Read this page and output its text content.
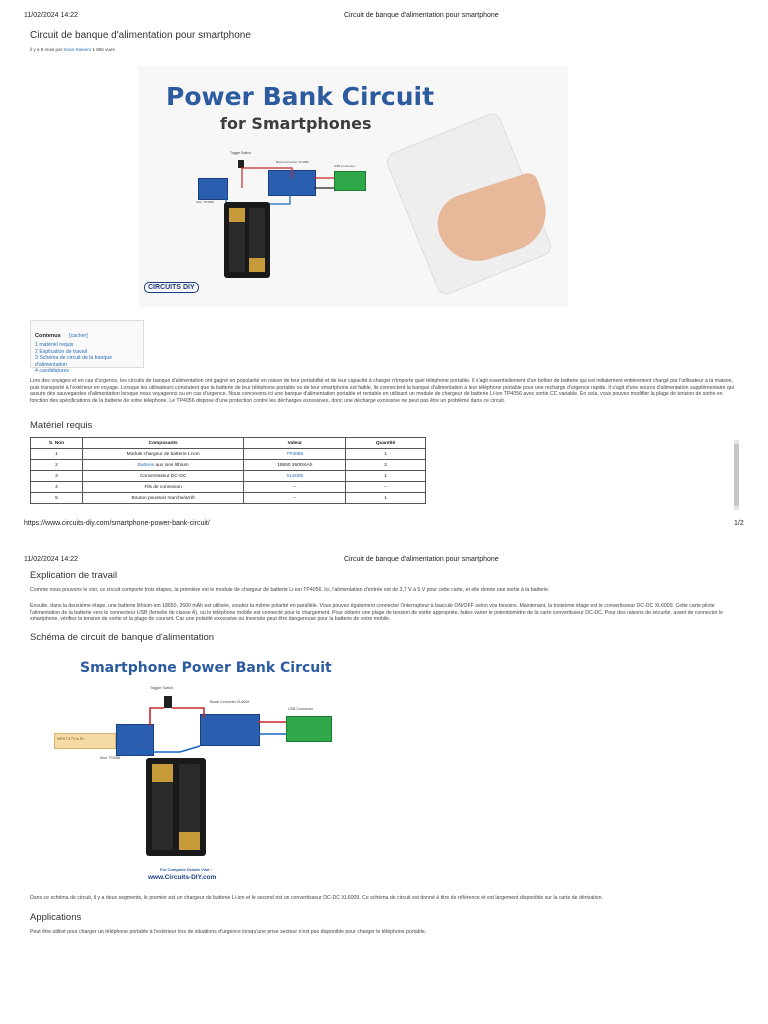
11/02/2024 14:22	Circuit de banque d'alimentation pour smartphone
Circuit de banque d'alimentation pour smartphone
il y a 8 mois par Kiran Saleem 1 956 vues
Power Bank Circuit
for Smartphones
Toggle Switch
Boost Converter XL6009
USB Connector
Mod. TP4056
CIRCUITS DIY
Contenus [cacher]
1 matériel requis
2 Explication de travail
3 Schéma de circuit de la banque d'alimentation
4 candidatures
Lors des voyages et en cas d'urgence, les circuits de banque d'alimentation ont gagné en popularité en raison de leur portabilité et de leur capacité à charger n'importe quel téléphone portable. Il s'agit essentiellement d'un boîtier de batterie qui est initialement entièrement chargé par l'utilisateur à la maison, puis transporté à l'extérieur en voyage. Lorsque les utilisateurs constatent que la batterie de leur téléphone portable ou de leur smartphone est faible, ils connectent la banque d'alimentation à leur téléphone portable pour une recharge d'urgence rapide. Il s'agit d'une source d'alimentation supplémentaire qui assure des sauvegardes d'alimentation lorsque nous voyageons ou en cas d'urgence. Nous concevons ici une banque d'alimentation portable et rentable en utilisant un module de chargeur de batterie Li-ion TP4056 avec sortie CC variable. En cela, vous pouvez modifier la plage de tension de sortie en fonction des spécifications de la batterie de votre téléphone. Le TP4056 dispose d'une protection contre les décharges excessives, donc une décharge excessive ne peut pas être un problème dans ce circuit.
Matériel requis
S. Non	Composants	Valeur	Quantité
1	Module chargeur de batterie Li-ion	TP4056	1
2	Batterie aux ions lithium	18650 2600mAh	2
3	Convertisseur DC-DC	XL6009	1
4	Fils de connexion	–	–
5	Bouton poussoir marche/arrêt	–	1
https://www.circuits-diy.com/smartphone-power-bank-circuit/	1/2
11/02/2024 14:22	Circuit de banque d'alimentation pour smartphone
Explication de travail
Comme nous pouvons le voir, ce circuit comporte trois étapes, la première est le module de chargeur de batterie Li-ion TP4056. Ici, l'alimentation d'entrée est de 3,7 V à 5 V pour cette carte, et elle donne une sortie à la batterie.
Ensuite, dans la deuxième étape, une batterie lithium-ion 18650, 2600 mAh est utilisée, soudez la même polarité en parallèle. Vous pouvez également connecter l'interrupteur à bascule ON/OFF selon vos besoins. Maintenant, la troisième étage est le convertisseur DC-DC XL6009. Cette carte pilote l'alimentation de la batterie vers le connecteur USB (femelle de classe A), où le téléphone mobile est connecté pour le chargement. Pour obtenir une plage de tension de sortie appropriée, faites varier le potentiomètre de la carte convertisseur DC-DC. Pour des raisons de sécurité, avant de connecter le smartphone, vérifiez la tension de sortie et la plage de courant. Car une polarité excessive ou inversée peut être dangereuse pour la batterie de votre mobile.
Schéma de circuit de banque d'alimentation
Smartphone Power Bank Circuit
Toggle Switch
Boost Converter XL6009
USB Connector
INPUT 3.7V to 5V
Mod. TP4056
For Complete Details Visit :
www.Circuits-DIY.com
Dans ce schéma de circuit, il y a deux segments, le premier est un chargeur de batterie Li-ion et le second est un convertisseur DC-DC XL6009. Ce schéma de circuit est donné à titre de référence et est largement disponible sur la carte de dérivation.
Applications
Peut être utilisé pour charger un téléphone portable à l'extérieur lors de situations d'urgence lorsqu'une prise secteur n'est pas disponible pour charger le téléphone portable.
